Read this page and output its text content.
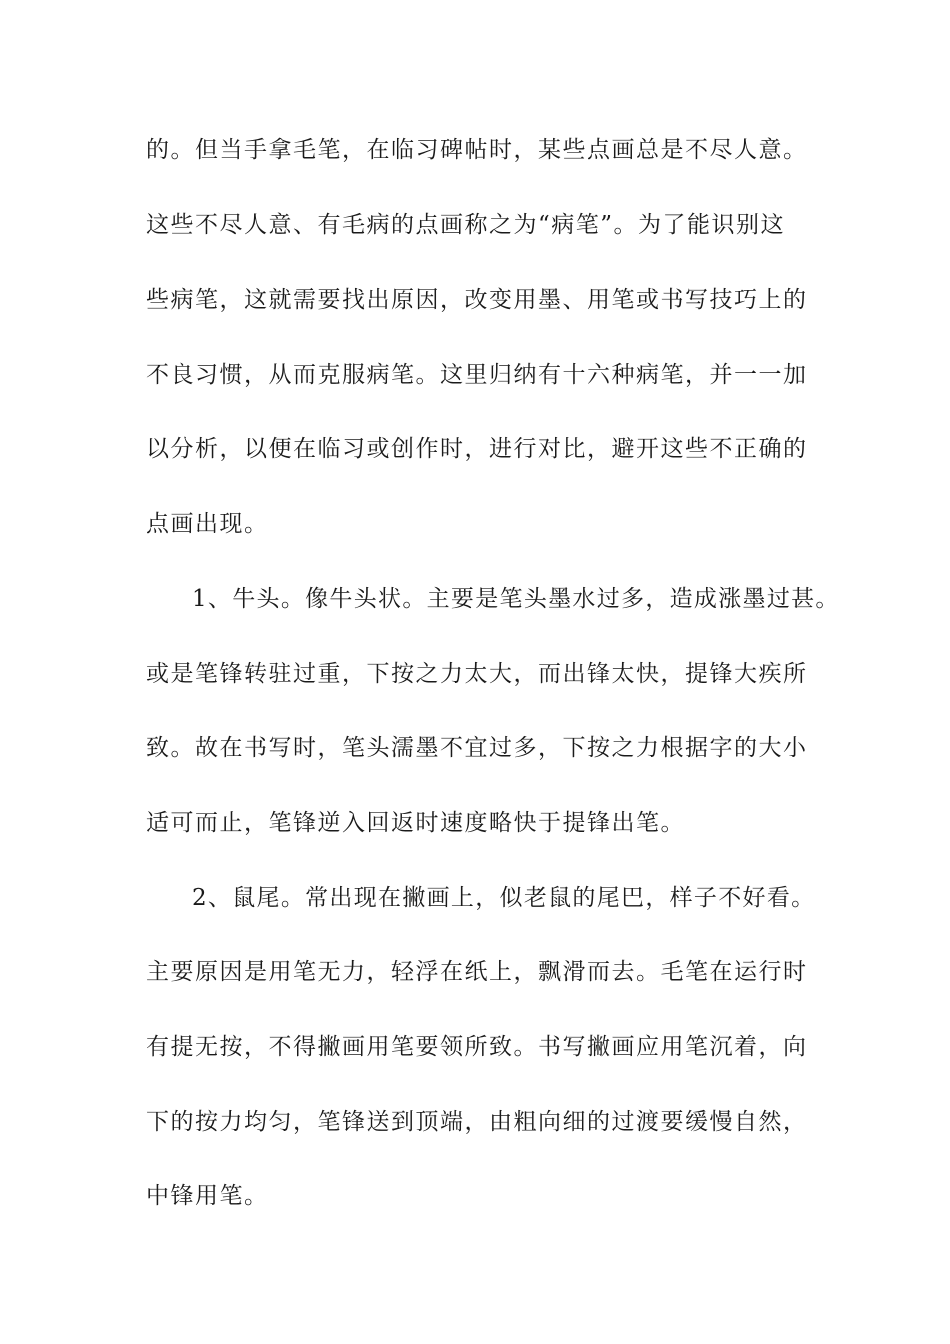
的。但当手拿毛笔，在临习碑帖时，某些点画总是不尽人意。
这些不尽人意、有毛病的点画称之为“病笔”。为了能识别这
些病笔，这就需要找出原因，改变用墨、用笔或书写技巧上的
不良习惯，从而克服病笔。这里归纳有十六种病笔，并一一加
以分析，以便在临习或创作时，进行对比，避开这些不正确的
点画出现。
1、牛头。像牛头状。主要是笔头墨水过多，造成涨墨过甚。
或是笔锋转驻过重，下按之力太大，而出锋太快，提锋大疾所
致。故在书写时，笔头濡墨不宜过多，下按之力根据字的大小
适可而止，笔锋逆入回返时速度略快于提锋出笔。
2、鼠尾。常出现在撇画上，似老鼠的尾巴，样子不好看。
主要原因是用笔无力，轻浮在纸上，飘滑而去。毛笔在运行时
有提无按，不得撇画用笔要领所致。书写撇画应用笔沉着，向
下的按力均匀，笔锋送到顶端，由粗向细的过渡要缓慢自然，
中锋用笔。
